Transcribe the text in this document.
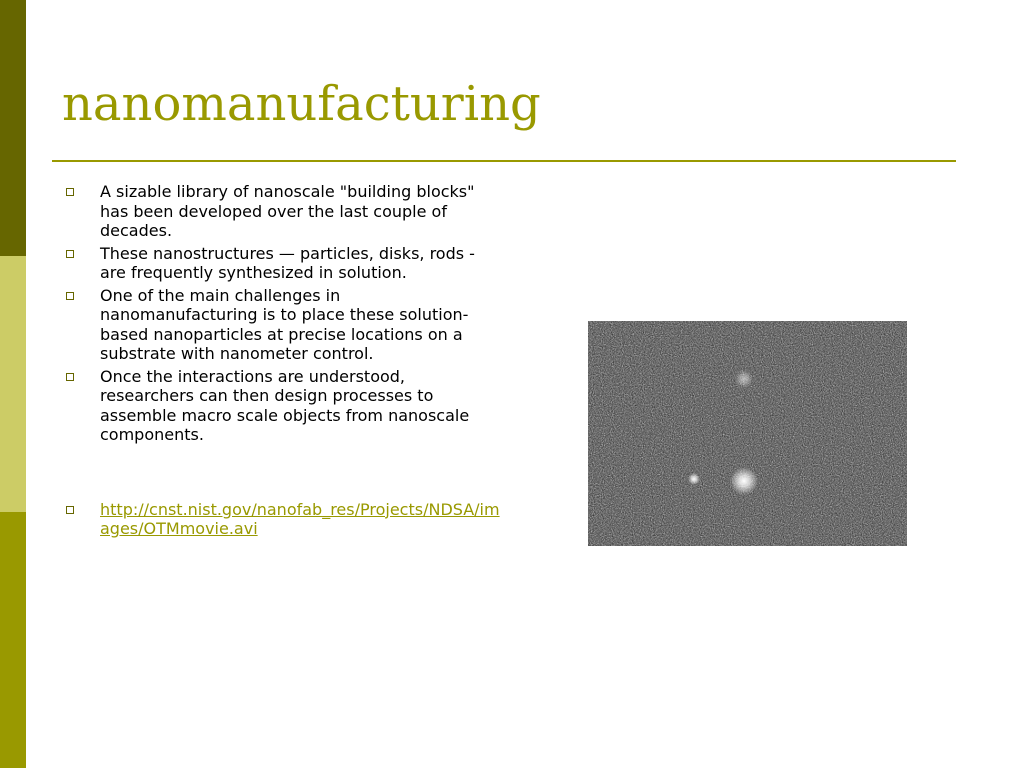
nanomanufacturing
A sizable library of nanoscale "building blocks" has been developed over the last couple of decades.
These nanostructures — particles, disks, rods - are frequently synthesized in solution.
One of the main challenges in nanomanufacturing is to place these solution-based nanoparticles at precise locations on a substrate with nanometer control.
Once the interactions are understood, researchers can then design processes to assemble macro scale objects from nanoscale components.
http://cnst.nist.gov/nanofab_res/Projects/NDSA/images/OTMmovie.avi
